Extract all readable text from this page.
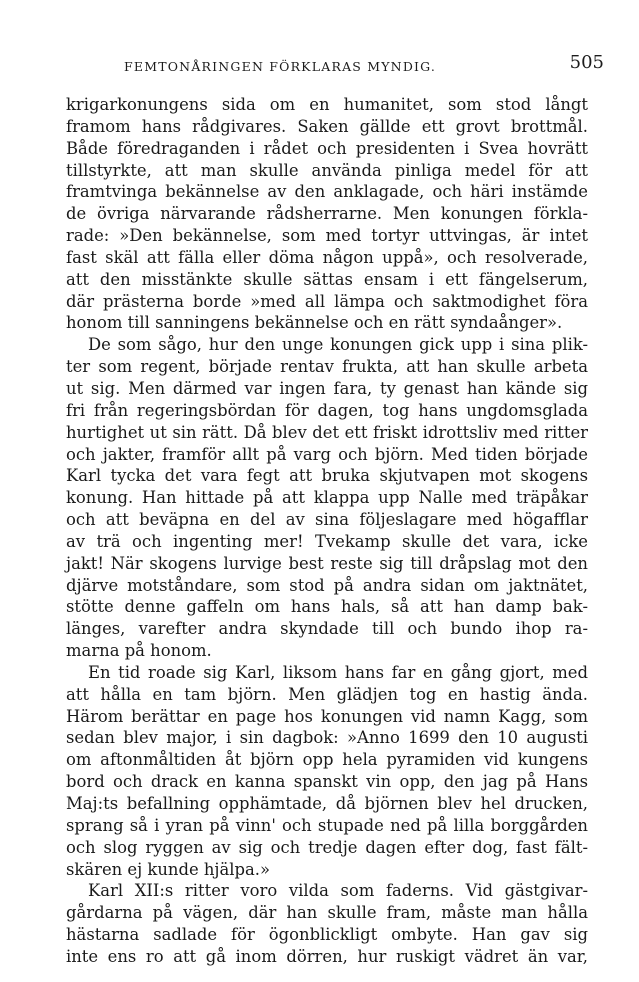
FEMTONÅRINGEN FÖRKLARAS MYNDIG.	505
krigarkonungens sida om en humanitet, som stod långt
framom hans rådgivares. Saken gällde ett grovt brottmål.
Både föredraganden i rådet och presidenten i Svea hovrätt
tillstyrkte, att man skulle använda pinliga medel för att
framtvinga bekännelse av den anklagade, och häri instämde
de övriga närvarande rådsherrarne. Men konungen förkla-
rade: »Den bekännelse, som med tortyr uttvingas, är intet
fast skäl att fälla eller döma någon uppå», och resolverade,
att den misstänkte skulle sättas ensam i ett fängelserum,
där prästerna borde »med all lämpa och saktmodighet föra
honom till sanningens bekännelse och en rätt syndaånger».
De som sågo, hur den unge konungen gick upp i sina plik-
ter som regent, började rentav frukta, att han skulle arbeta
ut sig. Men därmed var ingen fara, ty genast han kände sig
fri från regeringsbördan för dagen, tog hans ungdomsglada
hurtighet ut sin rätt. Då blev det ett friskt idrottsliv med ritter
och jakter, framför allt på varg och björn. Med tiden började
Karl tycka det vara fegt att bruka skjutvapen mot skogens
konung. Han hittade på att klappa upp Nalle med träpåkar
och att beväpna en del av sina följeslagare med högafflar
av trä och ingenting mer! Tvekamp skulle det vara, icke
jakt! När skogens lurvige best reste sig till dråpslag mot den
djärve motståndare, som stod på andra sidan om jaktnätet,
stötte denne gaffeln om hans hals, så att han damp bak-
länges, varefter andra skyndade till och bundo ihop ra-
marna på honom.
En tid roade sig Karl, liksom hans far en gång gjort, med
att hålla en tam björn. Men glädjen tog en hastig ända.
Härom berättar en page hos konungen vid namn Kagg, som
sedan blev major, i sin dagbok: »Anno 1699 den 10 augusti
om aftonmåltiden åt björn opp hela pyramiden vid kungens
bord och drack en kanna spanskt vin opp, den jag på Hans
Maj:ts befallning opphämtade, då björnen blev hel drucken,
sprang så i yran på vinn' och stupade ned på lilla borggården
och slog ryggen av sig och tredje dagen efter dog, fast fält-
skären ej kunde hjälpa.»
Karl XII:s ritter voro vilda som faderns. Vid gästgivar-
gårdarna på vägen, där han skulle fram, måste man hålla
hästarna sadlade för ögonblickligt ombyte. Han gav sig
inte ens ro att gå inom dörren, hur ruskigt vädret än var,
